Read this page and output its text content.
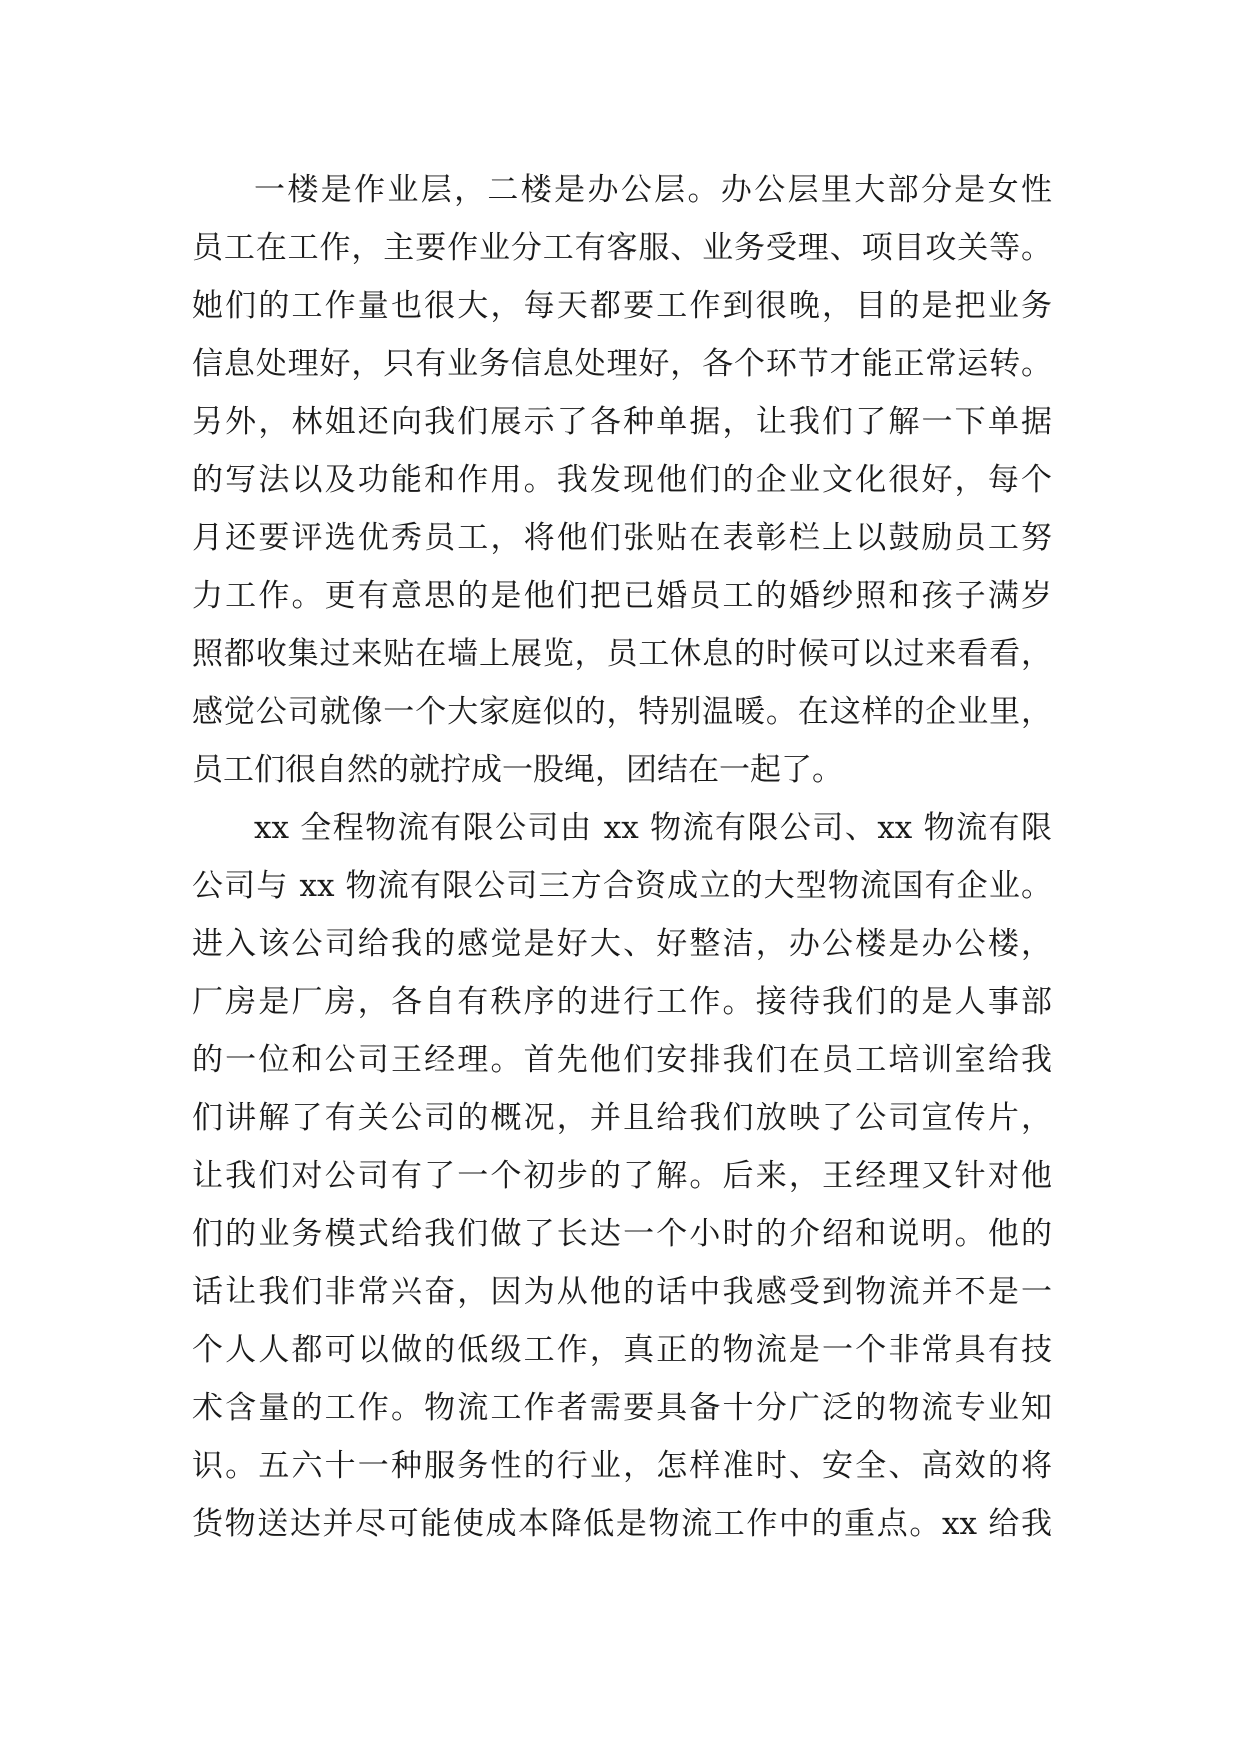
一楼是作业层，二楼是办公层。办公层里大部分是女性
员工在工作，主要作业分工有客服、业务受理、项目攻关等。
她们的工作量也很大，每天都要工作到很晚，目的是把业务
信息处理好，只有业务信息处理好，各个环节才能正常运转。
另外，林姐还向我们展示了各种单据，让我们了解一下单据
的写法以及功能和作用。我发现他们的企业文化很好，每个
月还要评选优秀员工，将他们张贴在表彰栏上以鼓励员工努
力工作。更有意思的是他们把已婚员工的婚纱照和孩子满岁
照都收集过来贴在墙上展览，员工休息的时候可以过来看看，
感觉公司就像一个大家庭似的，特别温暖。在这样的企业里，
员工们很自然的就拧成一股绳，团结在一起了。
xx 全程物流有限公司由 xx 物流有限公司、xx 物流有限
公司与 xx 物流有限公司三方合资成立的大型物流国有企业。
进入该公司给我的感觉是好大、好整洁，办公楼是办公楼，
厂房是厂房，各自有秩序的进行工作。接待我们的是人事部
的一位和公司王经理。首先他们安排我们在员工培训室给我
们讲解了有关公司的概况，并且给我们放映了公司宣传片，
让我们对公司有了一个初步的了解。后来，王经理又针对他
们的业务模式给我们做了长达一个小时的介绍和说明。他的
话让我们非常兴奋，因为从他的话中我感受到物流并不是一
个人人都可以做的低级工作，真正的物流是一个非常具有技
术含量的工作。物流工作者需要具备十分广泛的物流专业知
识。五六十一种服务性的行业，怎样准时、安全、高效的将
货物送达并尽可能使成本降低是物流工作中的重点。xx 给我
